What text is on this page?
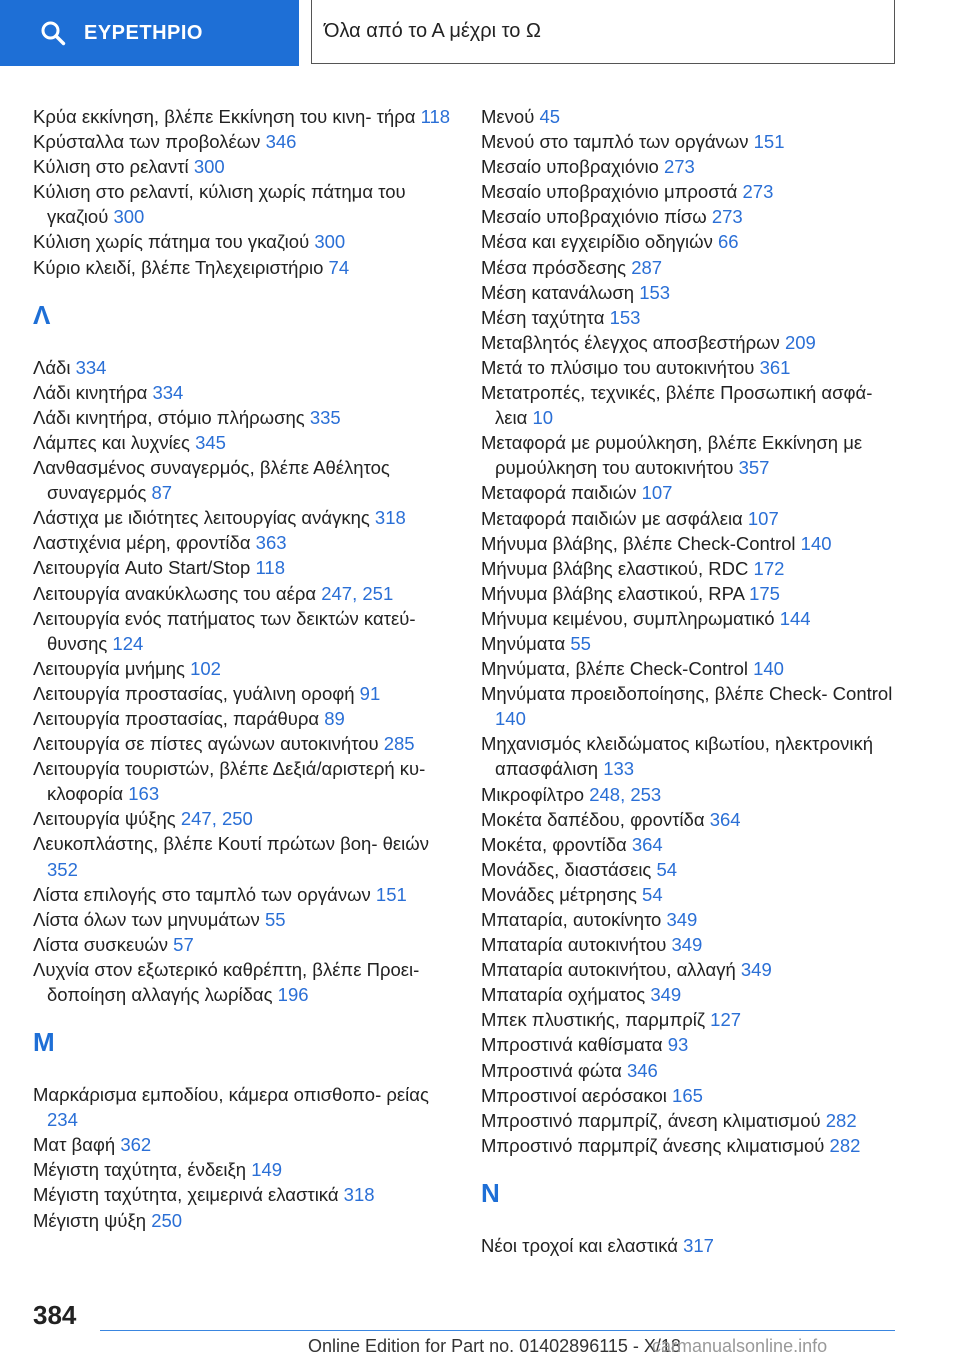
ΕΥΡΕΤΗΡΙΟ	Όλα από το Α μέχρι το Ω
Κρύα εκκίνηση, βλέπε Εκκίνηση του κινη- τήρα 118
Κρύσταλλα των προβολέων 346
Κύλιση στο ρελαντί 300
Κύλιση στο ρελαντί, κύλιση χωρίς πάτημα του γκαζιού 300
Κύλιση χωρίς πάτημα του γκαζιού 300
Κύριο κλειδί, βλέπε Τηλεχειριστήριο 74
Λ
Λάδι 334
Λάδι κινητήρα 334
Λάδι κινητήρα, στόμιο πλήρωσης 335
Λάμπες και λυχνίες 345
Λανθασμένος συναγερμός, βλέπε Αθέλητος συναγερμός 87
Λάστιχα με ιδιότητες λειτουργίας ανάγκης 318
Λαστιχένια μέρη, φροντίδα 363
Λειτουργία Auto Start/Stop 118
Λειτουργία ανακύκλωσης του αέρα 247, 251
Λειτουργία ενός πατήματος των δεικτών κατεύ- θυνσης 124
Λειτουργία μνήμης 102
Λειτουργία προστασίας, γυάλινη οροφή 91
Λειτουργία προστασίας, παράθυρα 89
Λειτουργία σε πίστες αγώνων αυτοκινήτου 285
Λειτουργία τουριστών, βλέπε Δεξιά/αριστερή κυ- κλοφορία 163
Λειτουργία ψύξης 247, 250
Λευκοπλάστης, βλέπε Κουτί πρώτων βοη- θειών 352
Λίστα επιλογής στο ταμπλό των οργάνων 151
Λίστα όλων των μηνυμάτων 55
Λίστα συσκευών 57
Λυχνία στον εξωτερικό καθρέπτη, βλέπε Προει- δοποίηση αλλαγής λωρίδας 196
Μ
Μαρκάρισμα εμποδίου, κάμερα οπισθοπο- ρείας 234
Ματ βαφή 362
Μέγιστη ταχύτητα, ένδειξη 149
Μέγιστη ταχύτητα, χειμερινά ελαστικά 318
Μέγιστη ψύξη 250
Μενού 45
Μενού στο ταμπλό των οργάνων 151
Μεσαίο υποβραχιόνιο 273
Μεσαίο υποβραχιόνιο μπροστά 273
Μεσαίο υποβραχιόνιο πίσω 273
Μέσα και εγχειρίδιο οδηγιών 66
Μέσα πρόσδεσης 287
Μέση κατανάλωση 153
Μέση ταχύτητα 153
Μεταβλητός έλεγχος αποσβεστήρων 209
Μετά το πλύσιμο του αυτοκινήτου 361
Μετατροπές, τεχνικές, βλέπε Προσωπική ασφά- λεια 10
Μεταφορά με ρυμούλκηση, βλέπε Εκκίνηση με ρυμούλκηση του αυτοκινήτου 357
Μεταφορά παιδιών 107
Μεταφορά παιδιών με ασφάλεια 107
Μήνυμα βλάβης, βλέπε Check-Control 140
Μήνυμα βλάβης ελαστικού, RDC 172
Μήνυμα βλάβης ελαστικού, RPA 175
Μήνυμα κειμένου, συμπληρωματικό 144
Μηνύματα 55
Μηνύματα, βλέπε Check-Control 140
Μηνύματα προειδοποίησης, βλέπε Check- Control 140
Μηχανισμός κλειδώματος κιβωτίου, ηλεκτρονική απασφάλιση 133
Μικροφίλτρο 248, 253
Μοκέτα δαπέδου, φροντίδα 364
Μοκέτα, φροντίδα 364
Μονάδες, διαστάσεις 54
Μονάδες μέτρησης 54
Μπαταρία, αυτοκίνητο 349
Μπαταρία αυτοκινήτου 349
Μπαταρία αυτοκινήτου, αλλαγή 349
Μπαταρία οχήματος 349
Μπεκ πλυστικής, παρμπρίζ 127
Μπροστινά καθίσματα 93
Μπροστινά φώτα 346
Μπροστινοί αερόσακοι 165
Μπροστινό παρμπρίζ, άνεση κλιματισμού 282
Μπροστινό παρμπρίζ άνεσης κλιματισμού 282
Ν
Νέοι τροχοί και ελαστικά 317
384
Online Edition for Part no. 01402896115 - X/18
carmanualsonline.info
